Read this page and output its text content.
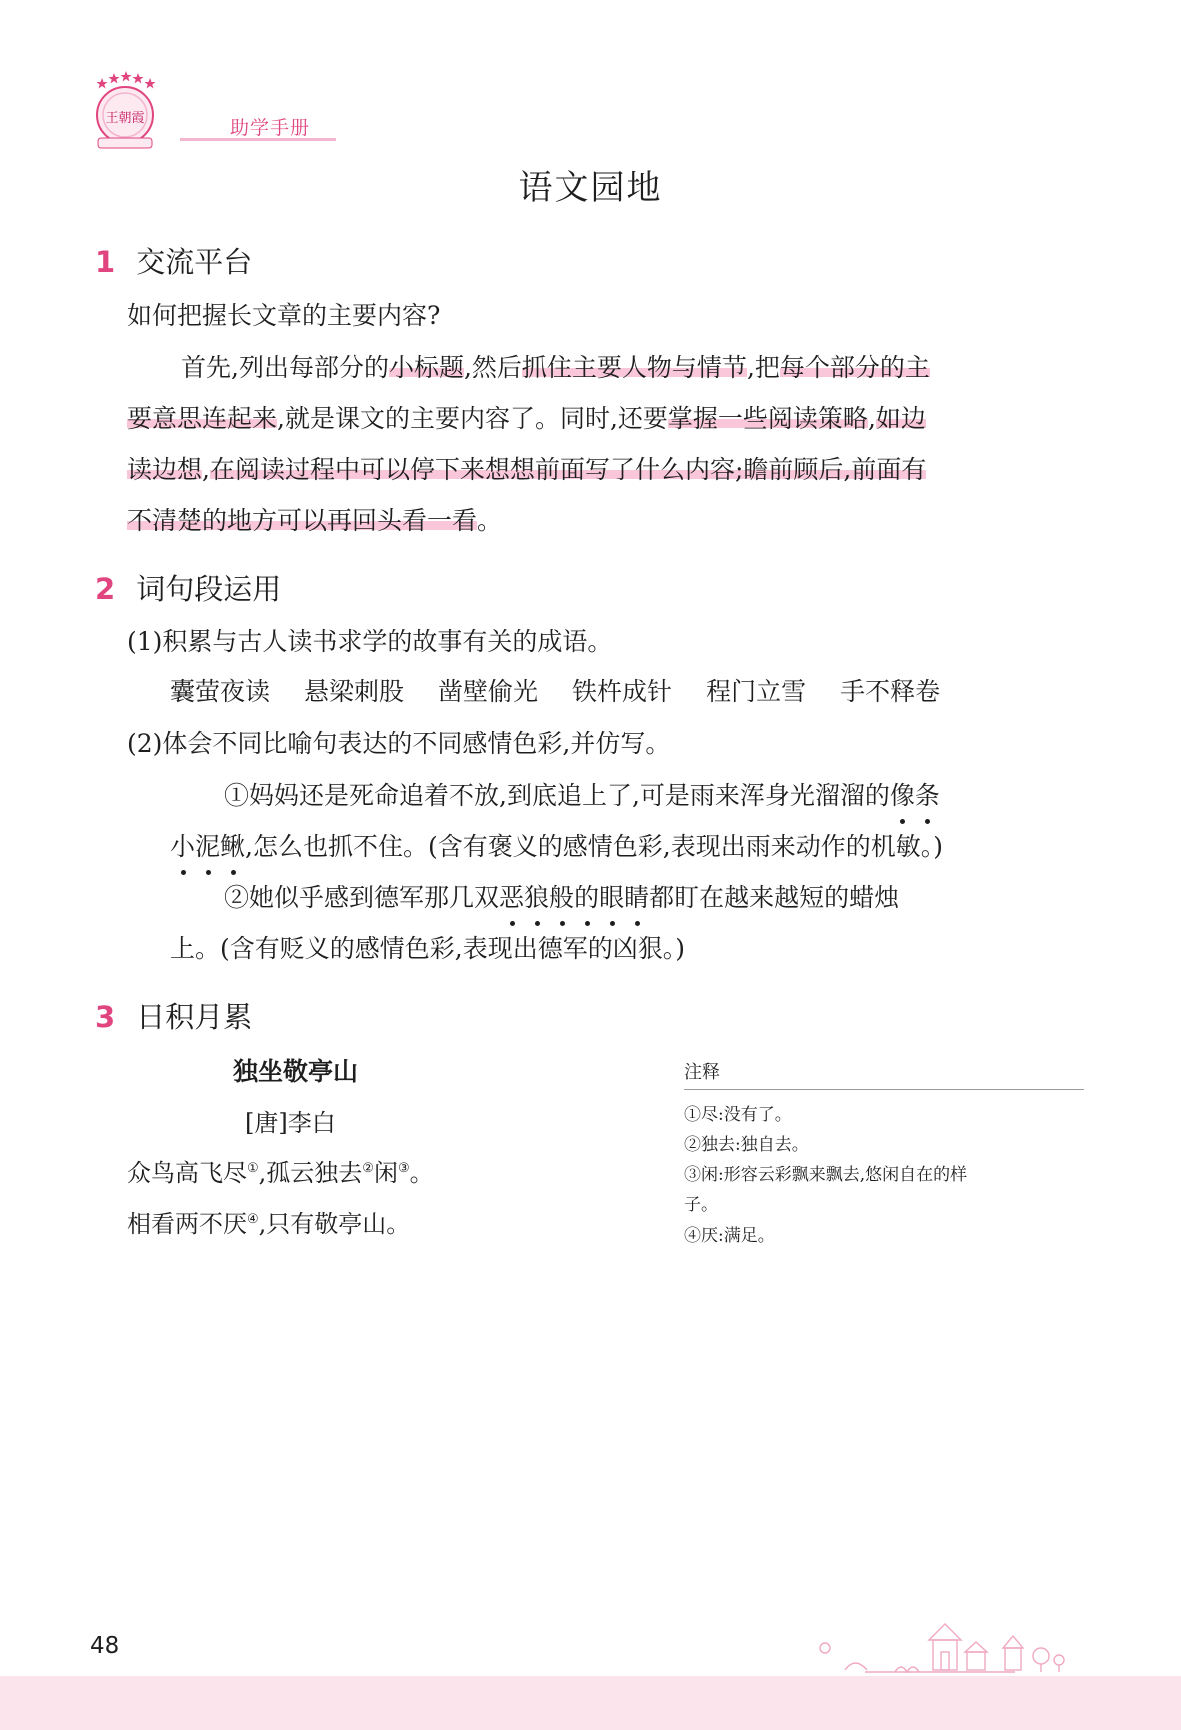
王朝霞	助学手册
语文园地
1 交流平台
如何把握长文章的主要内容?
首先,列出每部分的小标题,然后抓住主要人物与情节,把每个部分的主
要意思连起来,就是课文的主要内容了。同时,还要掌握一些阅读策略,如边
读边想,在阅读过程中可以停下来想想前面写了什么内容;瞻前顾后,前面有
不清楚的地方可以再回头看一看。
2 词句段运用
(1)积累与古人读书求学的故事有关的成语。
囊萤夜读 悬梁刺股 凿壁偷光 铁杵成针 程门立雪 手不释卷
(2)体会不同比喻句表达的不同感情色彩,并仿写。
①妈妈还是死命追着不放,到底追上了,可是雨来浑身光溜溜的像条
小泥鳅,怎么也抓不住。(含有褒义的感情色彩,表现出雨来动作的机敏。)
②她似乎感到德军那几双恶狼般的眼睛都盯在越来越短的蜡烛
上。(含有贬义的感情色彩,表现出德军的凶狠。)
3 日积月累
独坐敬亭山
[唐]李白
众鸟高飞尽①,孤云独去②闲③。
相看两不厌④,只有敬亭山。
注释
①尽:没有了。
②独去:独自去。
③闲:形容云彩飘来飘去,悠闲自在的样
子。
④厌:满足。
48
